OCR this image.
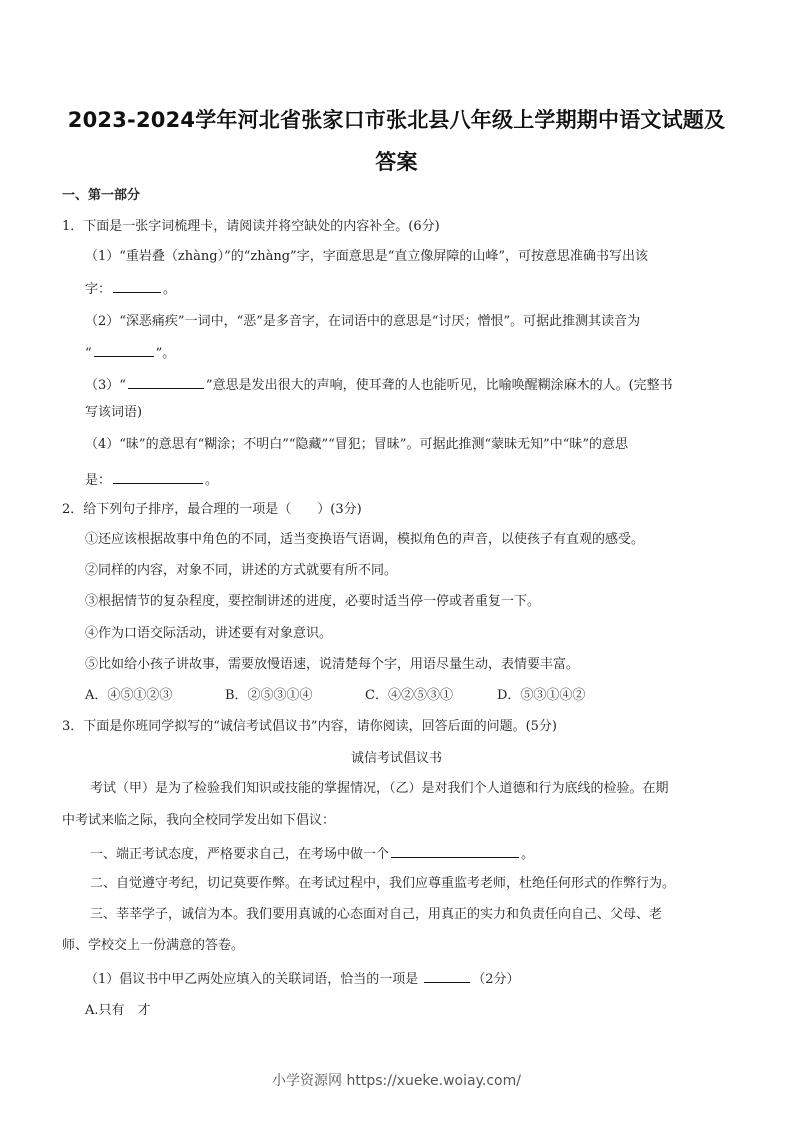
2023-2024学年河北省张家口市张北县八年级上学期期中语文试题及
答案
一、第一部分
1．下面是一张字词梳理卡，请阅读并将空缺处的内容补全。(6分)
（1）“重岩叠（zhàng）”的“zhàng”字，字面意思是“直立像屏障的山峰”，可按意思准确书写出该
字：	。
（2）“深恶痛疾”一词中，“恶”是多音字，在词语中的意思是“讨厌；憎恨”。可据此推测其读音为
“	”。
（3）“	”意思是发出很大的声响，使耳聋的人也能听见，比喻唤醒糊涂麻木的人。(完整书
写该词语)
（4）“昧”的意思有“糊涂；不明白”“隐藏”“冒犯；冒昧”。可据此推测“蒙昧无知”中“昧”的意思
是：	。
2．给下列句子排序，最合理的一项是（　　）(3分)
①还应该根据故事中角色的不同，适当变换语气语调，模拟角色的声音，以使孩子有直观的感受。
②同样的内容，对象不同，讲述的方式就要有所不同。
③根据情节的复杂程度，要控制讲述的进度，必要时适当停一停或者重复一下。
④作为口语交际活动，讲述要有对象意识。
⑤比如给小孩子讲故事，需要放慢语速，说清楚每个字，用语尽量生动，表情要丰富。
A．④⑤①②③	B．②⑤③①④	C．④②⑤③①	D．⑤③①④②
3．下面是你班同学拟写的“诚信考试倡议书”内容，请你阅读，回答后面的问题。(5分)
诚信考试倡议书
考试（甲）是为了检验我们知识或技能的掌握情况，（乙）是对我们个人道德和行为底线的检验。在期
中考试来临之际，我向全校同学发出如下倡议：
一、端正考试态度，严格要求自己，在考场中做一个	。
二、自觉遵守考纪，切记莫要作弊。在考试过程中，我们应尊重监考老师，杜绝任何形式的作弊行为。
三、莘莘学子，诚信为本。我们要用真诚的心态面对自己，用真正的实力和负责任向自己、父母、老
师、学校交上一份满意的答卷。
（1）倡议书中甲乙两处应填入的关联词语，恰当的一项是	（2分）
A.只有　才
小学资源网 https://xueke.woiay.com/
